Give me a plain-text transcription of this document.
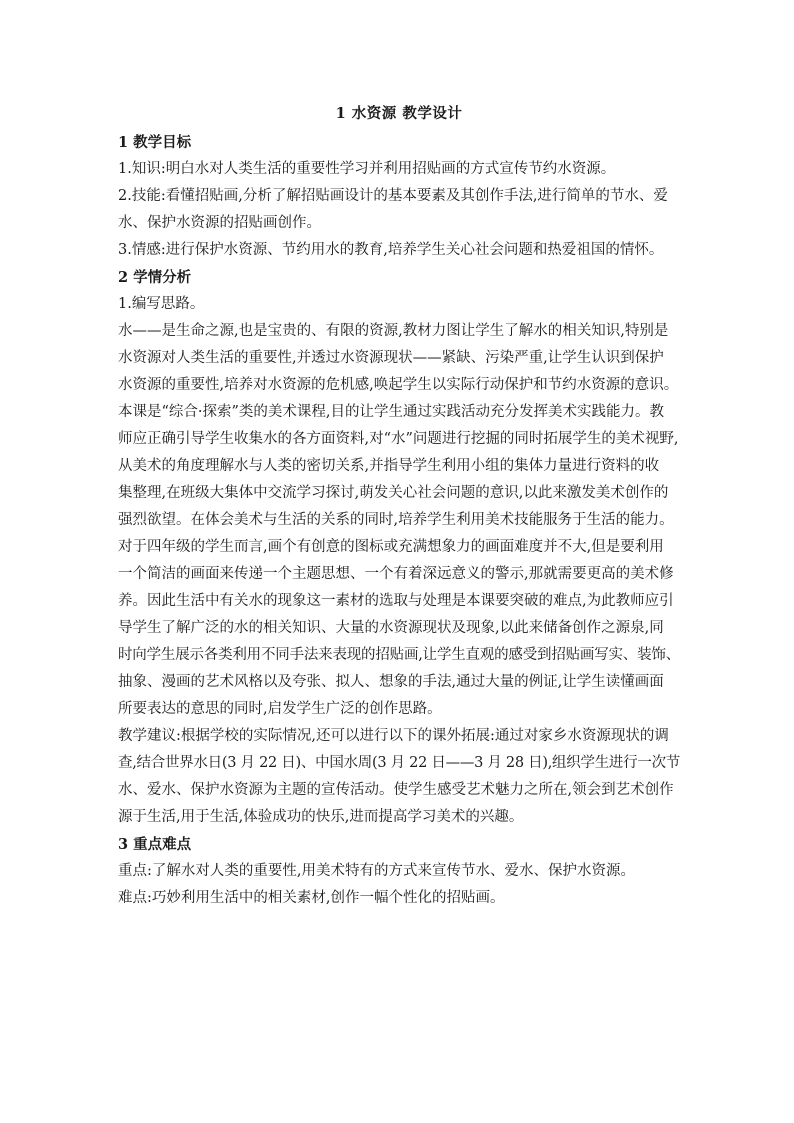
1 水资源 教学设计
1 教学目标

1.知识:明白水对人类生活的重要性学习并利用招贴画的方式宣传节约水资源。

2.技能:看懂招贴画,分析了解招贴画设计的基本要素及其创作手法,进行简单的节水、爱

水、保护水资源的招贴画创作。

3.情感:进行保护水资源、节约用水的教育,培养学生关心社会问题和热爱祖国的情怀。

2 学情分析

1.编写思路。

水——是生命之源,也是宝贵的、有限的资源,教材力图让学生了解水的相关知识,特别是

水资源对人类生活的重要性,并透过水资源现状——紧缺、污染严重,让学生认识到保护

水资源的重要性,培养对水资源的危机感,唤起学生以实际行动保护和节约水资源的意识。

本课是“综合·探索”类的美术课程,目的让学生通过实践活动充分发挥美术实践能力。教

师应正确引导学生收集水的各方面资料,对“水”问题进行挖掘的同时拓展学生的美术视野,

从美术的角度理解水与人类的密切关系,并指导学生利用小组的集体力量进行资料的收

集整理,在班级大集体中交流学习探讨,萌发关心社会问题的意识,以此来激发美术创作的

强烈欲望。在体会美术与生活的关系的同时,培养学生利用美术技能服务于生活的能力。

对于四年级的学生而言,画个有创意的图标或充满想象力的画面难度并不大,但是要利用

一个简洁的画面来传递一个主题思想、一个有着深远意义的警示,那就需要更高的美术修

养。因此生活中有关水的现象这一素材的选取与处理是本课要突破的难点,为此教师应引

导学生了解广泛的水的相关知识、大量的水资源现状及现象,以此来储备创作之源泉,同

时向学生展示各类利用不同手法来表现的招贴画,让学生直观的感受到招贴画写实、装饰、

抽象、漫画的艺术风格以及夸张、拟人、想象的手法,通过大量的例证,让学生读懂画面

所要表达的意思的同时,启发学生广泛的创作思路。

教学建议:根据学校的实际情况,还可以进行以下的课外拓展:通过对家乡水资源现状的调

查,结合世界水日(3 月 22 日)、中国水周(3 月 22 日——3 月 28 日),组织学生进行一次节

水、爱水、保护水资源为主题的宣传活动。使学生感受艺术魅力之所在,领会到艺术创作

源于生活,用于生活,体验成功的快乐,进而提高学习美术的兴趣。

3 重点难点

重点:了解水对人类的重要性,用美术特有的方式来宣传节水、爱水、保护水资源。

难点:巧妙利用生活中的相关素材,创作一幅个性化的招贴画。
